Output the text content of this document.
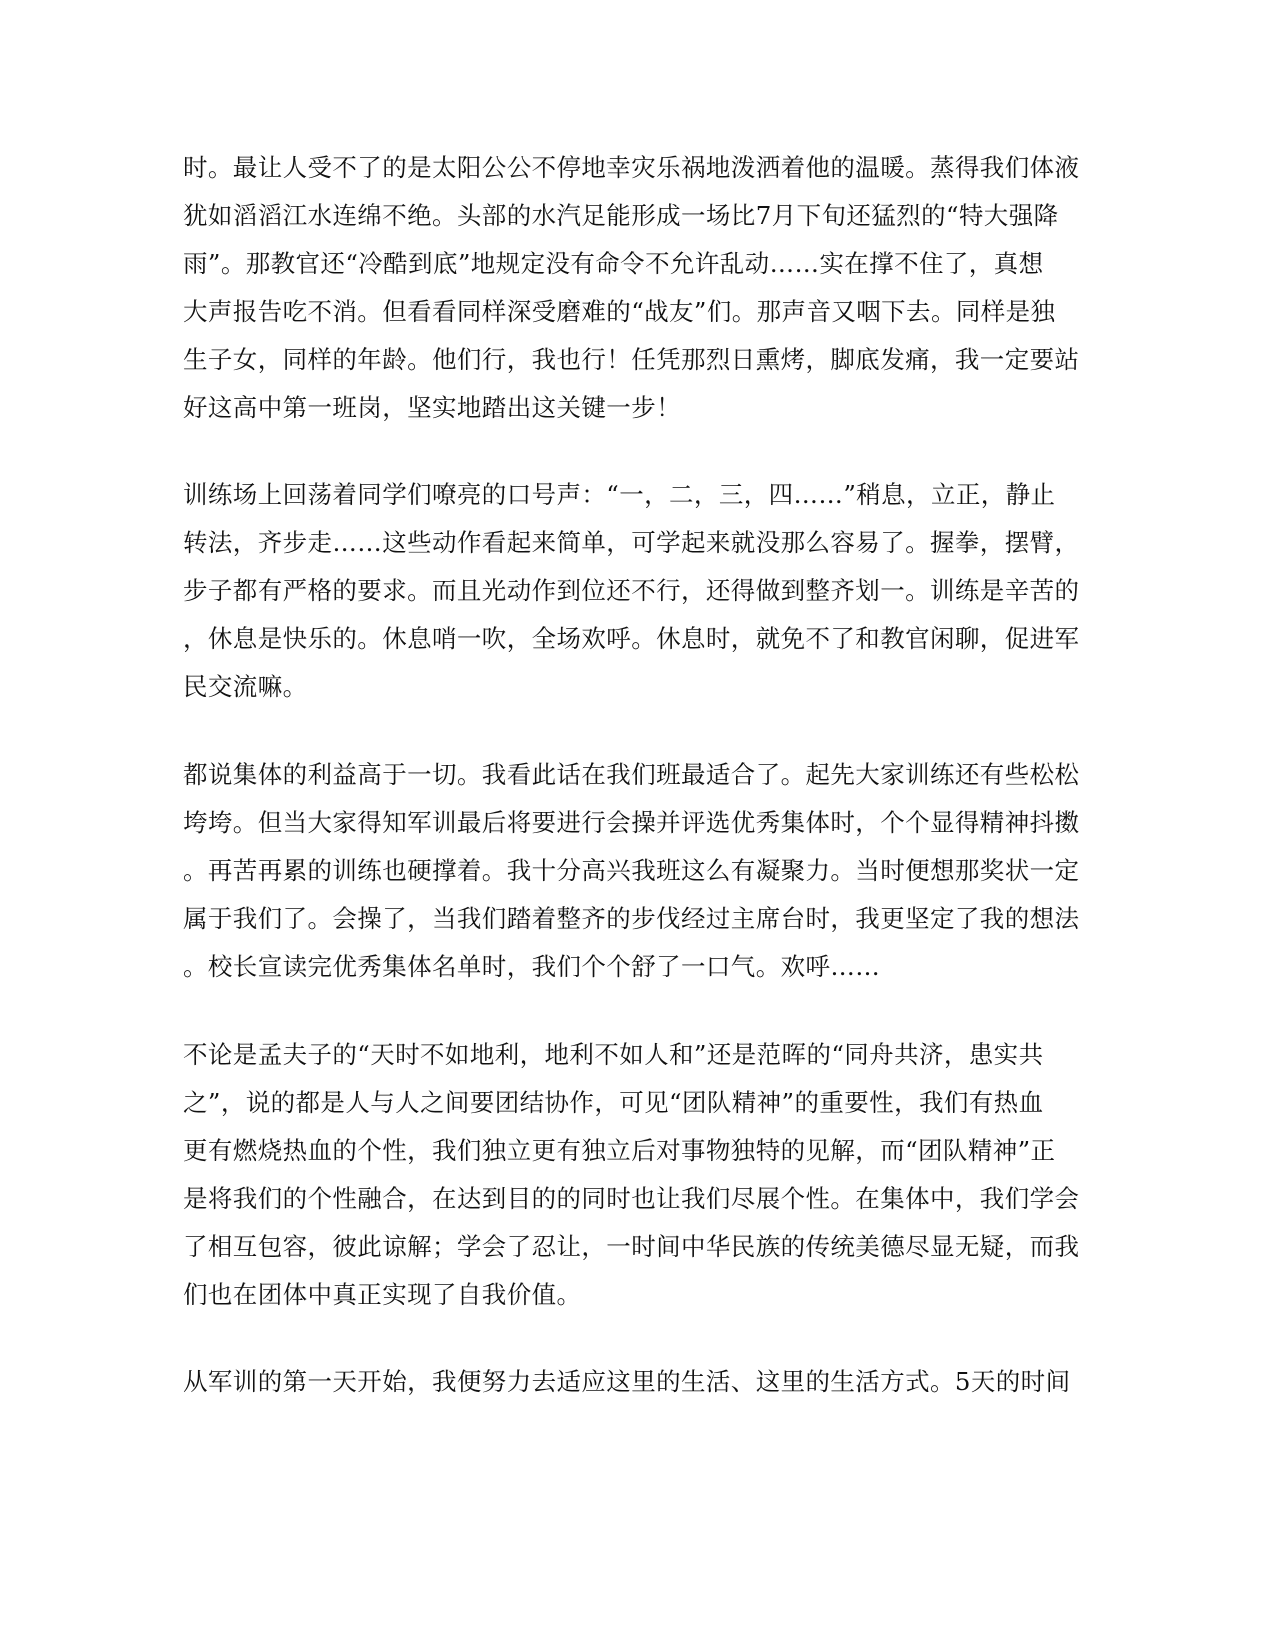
时。最让人受不了的是太阳公公不停地幸灾乐祸地泼洒着他的温暖。蒸得我们体液
犹如滔滔江水连绵不绝。头部的水汽足能形成一场比7月下旬还猛烈的“特大强降
雨”。那教官还“冷酷到底”地规定没有命令不允许乱动……实在撑不住了，真想
大声报告吃不消。但看看同样深受磨难的“战友”们。那声音又咽下去。同样是独
生子女，同样的年龄。他们行，我也行！任凭那烈日熏烤，脚底发痛，我一定要站
好这高中第一班岗，坚实地踏出这关键一步！
训练场上回荡着同学们嘹亮的口号声：“一，二，三，四……”稍息，立正，静止
转法，齐步走……这些动作看起来简单，可学起来就没那么容易了。握拳，摆臂，
步子都有严格的要求。而且光动作到位还不行，还得做到整齐划一。训练是辛苦的
，休息是快乐的。休息哨一吹，全场欢呼。休息时，就免不了和教官闲聊，促进军
民交流嘛。
都说集体的利益高于一切。我看此话在我们班最适合了。起先大家训练还有些松松
垮垮。但当大家得知军训最后将要进行会操并评选优秀集体时，个个显得精神抖擞
。再苦再累的训练也硬撑着。我十分高兴我班这么有凝聚力。当时便想那奖状一定
属于我们了。会操了，当我们踏着整齐的步伐经过主席台时，我更坚定了我的想法
。校长宣读完优秀集体名单时，我们个个舒了一口气。欢呼……
不论是孟夫子的“天时不如地利，地利不如人和”还是范晖的“同舟共济，患实共
之”，说的都是人与人之间要团结协作，可见“团队精神”的重要性，我们有热血
更有燃烧热血的个性，我们独立更有独立后对事物独特的见解，而“团队精神”正
是将我们的个性融合，在达到目的的同时也让我们尽展个性。在集体中，我们学会
了相互包容，彼此谅解；学会了忍让，一时间中华民族的传统美德尽显无疑，而我
们也在团体中真正实现了自我价值。
从军训的第一天开始，我便努力去适应这里的生活、这里的生活方式。5天的时间
